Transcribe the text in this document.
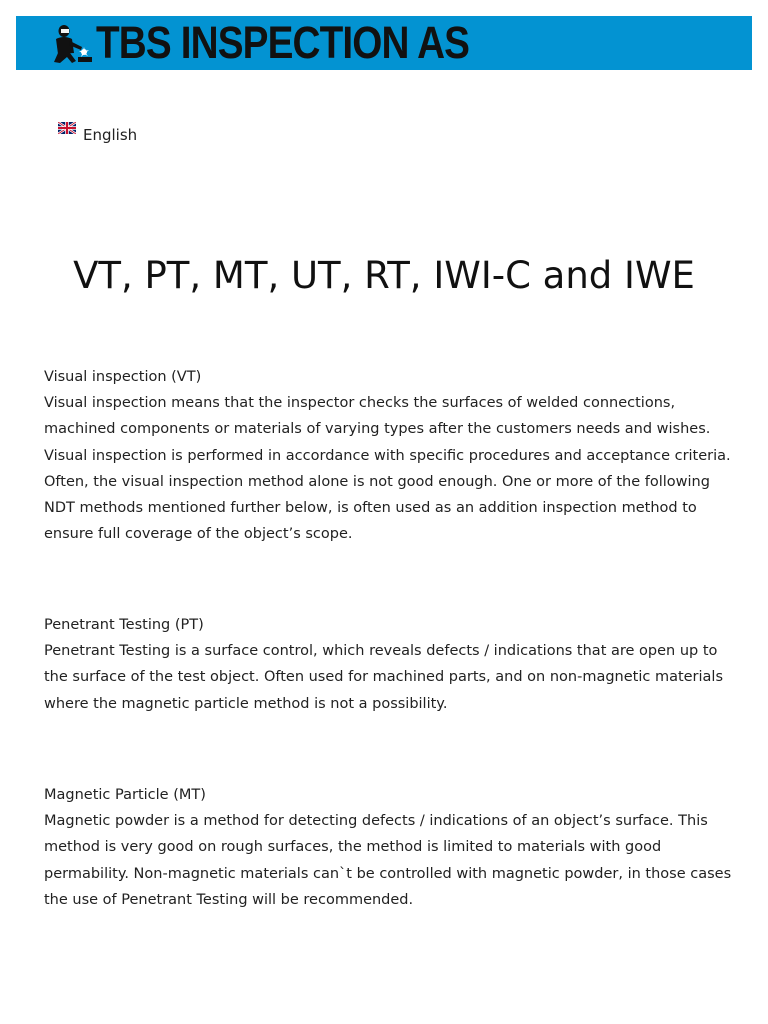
TBS INSPECTION AS
English
VT, PT, MT, UT, RT, IWI-C and IWE

Visual inspection (VT)

Visual inspection means that the inspector checks the surfaces of welded connections, machined components or materials of varying types after the customers needs and wishes. Visual inspection is performed in accordance with specific procedures and acceptance criteria.

Often, the visual inspection method alone is not good enough. One or more of the following NDT methods mentioned further below, is often used as an addition inspection method to ensure full coverage of the object’s scope.

Penetrant Testing (PT)

Penetrant Testing is a surface control, which reveals defects / indications that are open up to the surface of the test object. Often used for machined parts, and on non-magnetic materials where the magnetic particle method is not a possibility.

Magnetic Particle (MT)

Magnetic powder is a method for detecting defects / indications of an object’s surface. This method is very good on rough surfaces, the method is limited to materials with good permability. Non-magnetic materials can`t be controlled with magnetic powder, in those cases the use of Penetrant Testing will be recommended.
